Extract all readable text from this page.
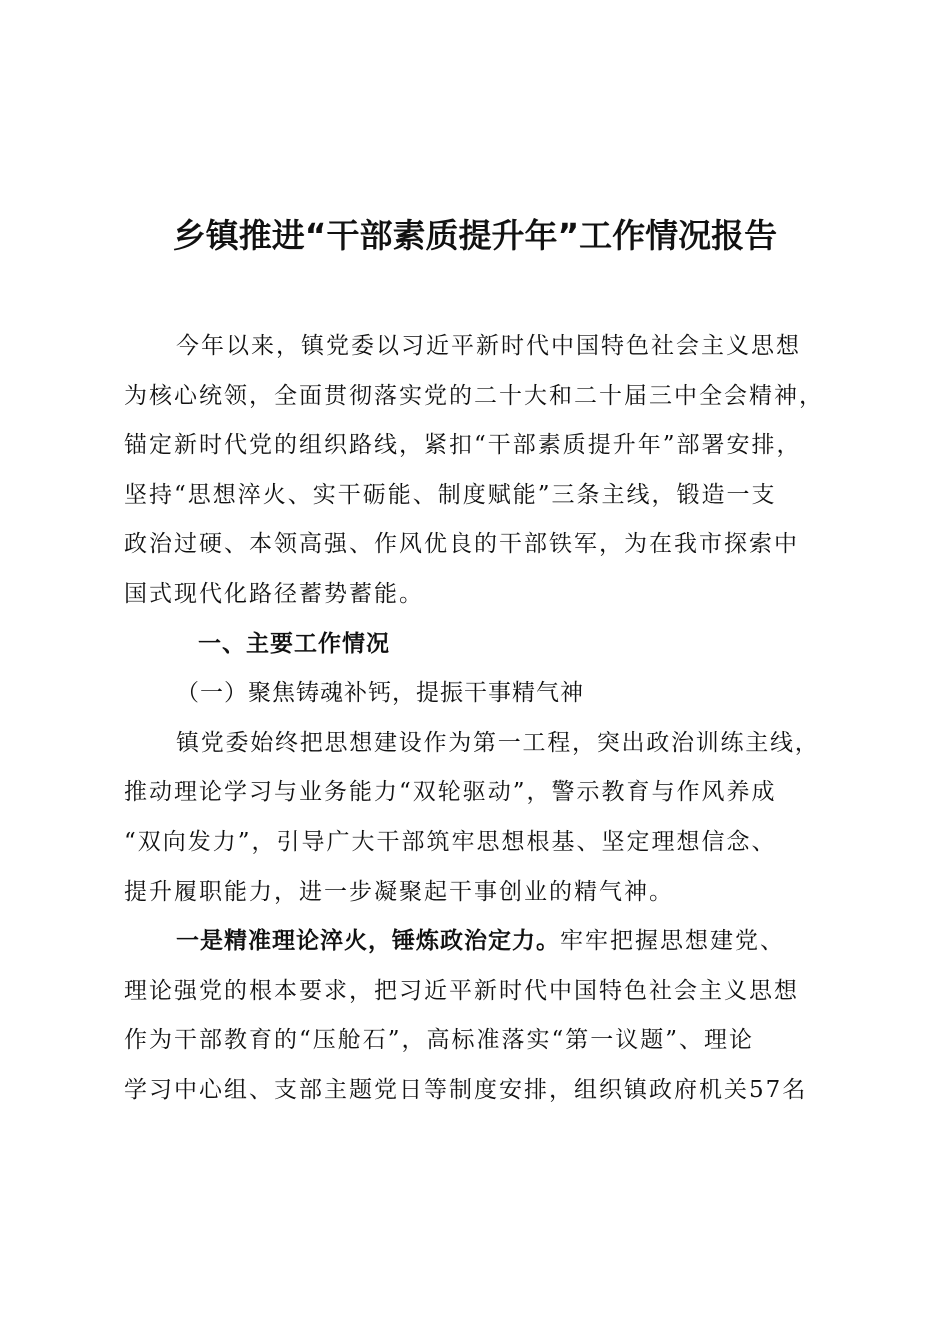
乡镇推进“干部素质提升年”工作情况报告
今年以来，镇党委以习近平新时代中国特色社会主义思想
为核心统领，全面贯彻落实党的二十大和二十届三中全会精神，
锚定新时代党的组织路线，紧扣“干部素质提升年”部署安排，
坚持“思想淬火、实干砺能、制度赋能”三条主线，锻造一支
政治过硬、本领高强、作风优良的干部铁军，为在我市探索中
国式现代化路径蓄势蓄能。
一、主要工作情况
（一）聚焦铸魂补钙，提振干事精气神
镇党委始终把思想建设作为第一工程，突出政治训练主线，
推动理论学习与业务能力“双轮驱动”，警示教育与作风养成
“双向发力”，引导广大干部筑牢思想根基、坚定理想信念、
提升履职能力，进一步凝聚起干事创业的精气神。
一是精准理论淬火，锤炼政治定力。 牢牢把握思想建党、
理论强党的根本要求，把习近平新时代中国特色社会主义思想
作为干部教育的“压舱石”，高标准落实“第一议题”、理论
学习中心组、支部主题党日等制度安排，组织镇政府机关57名
